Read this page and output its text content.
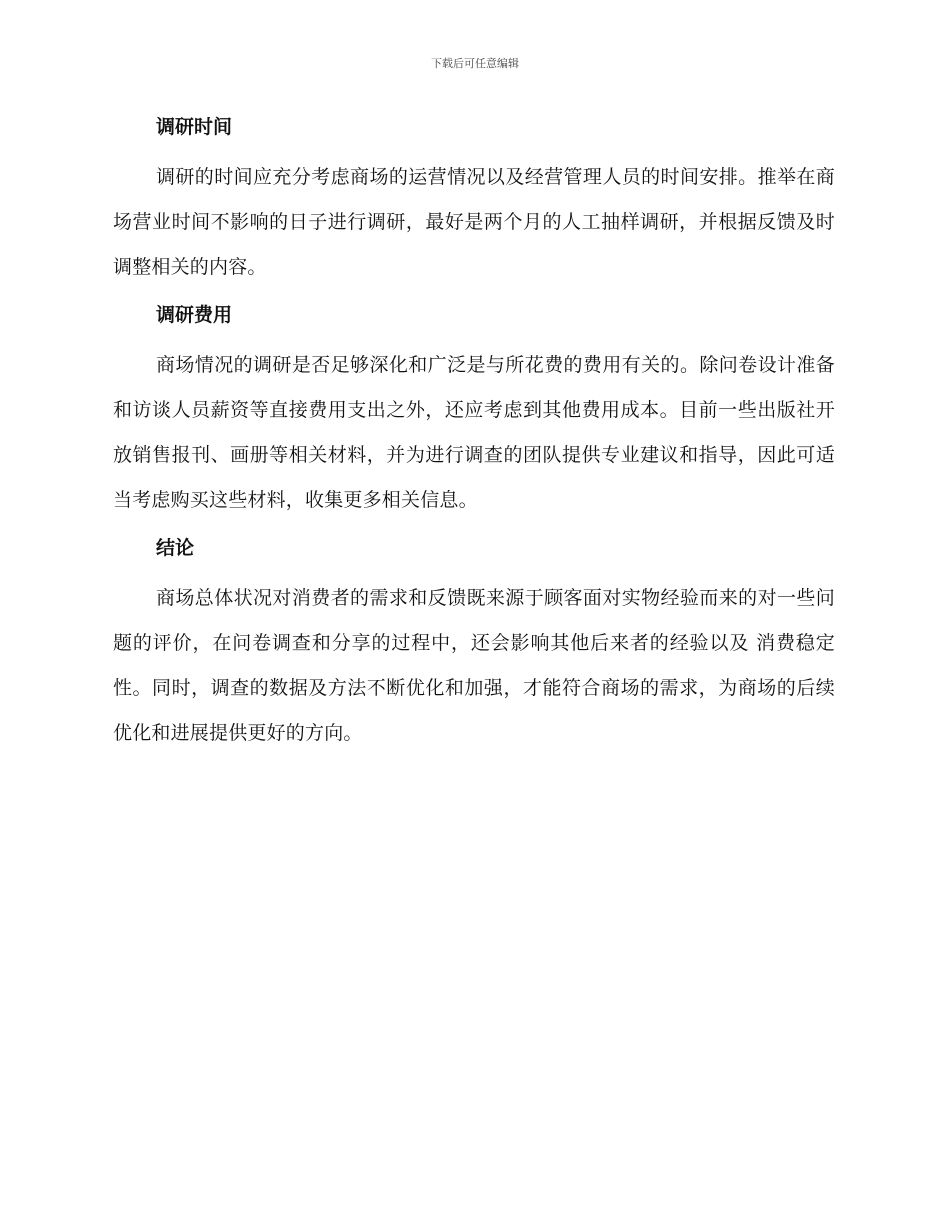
下载后可任意编辑
调研时间

调研的时间应充分考虑商场的运营情况以及经营管理人员的时间安排。推举在商场营业时间不影响的日子进行调研，最好是两个月的人工抽样调研，并根据反馈及时调整相关的内容。

调研费用

商场情况的调研是否足够深化和广泛是与所花费的费用有关的。除问卷设计准备和访谈人员薪资等直接费用支出之外，还应考虑到其他费用成本。目前一些出版社开放销售报刊、画册等相关材料，并为进行调查的团队提供专业建议和指导，因此可适当考虑购买这些材料，收集更多相关信息。

结论

商场总体状况对消费者的需求和反馈既来源于顾客面对实物经验而来的对一些问题的评价，在问卷调查和分享的过程中，还会影响其他后来者的经验以及 消费稳定性。同时，调查的数据及方法不断优化和加强，才能符合商场的需求，为商场的后续优化和进展提供更好的方向。
